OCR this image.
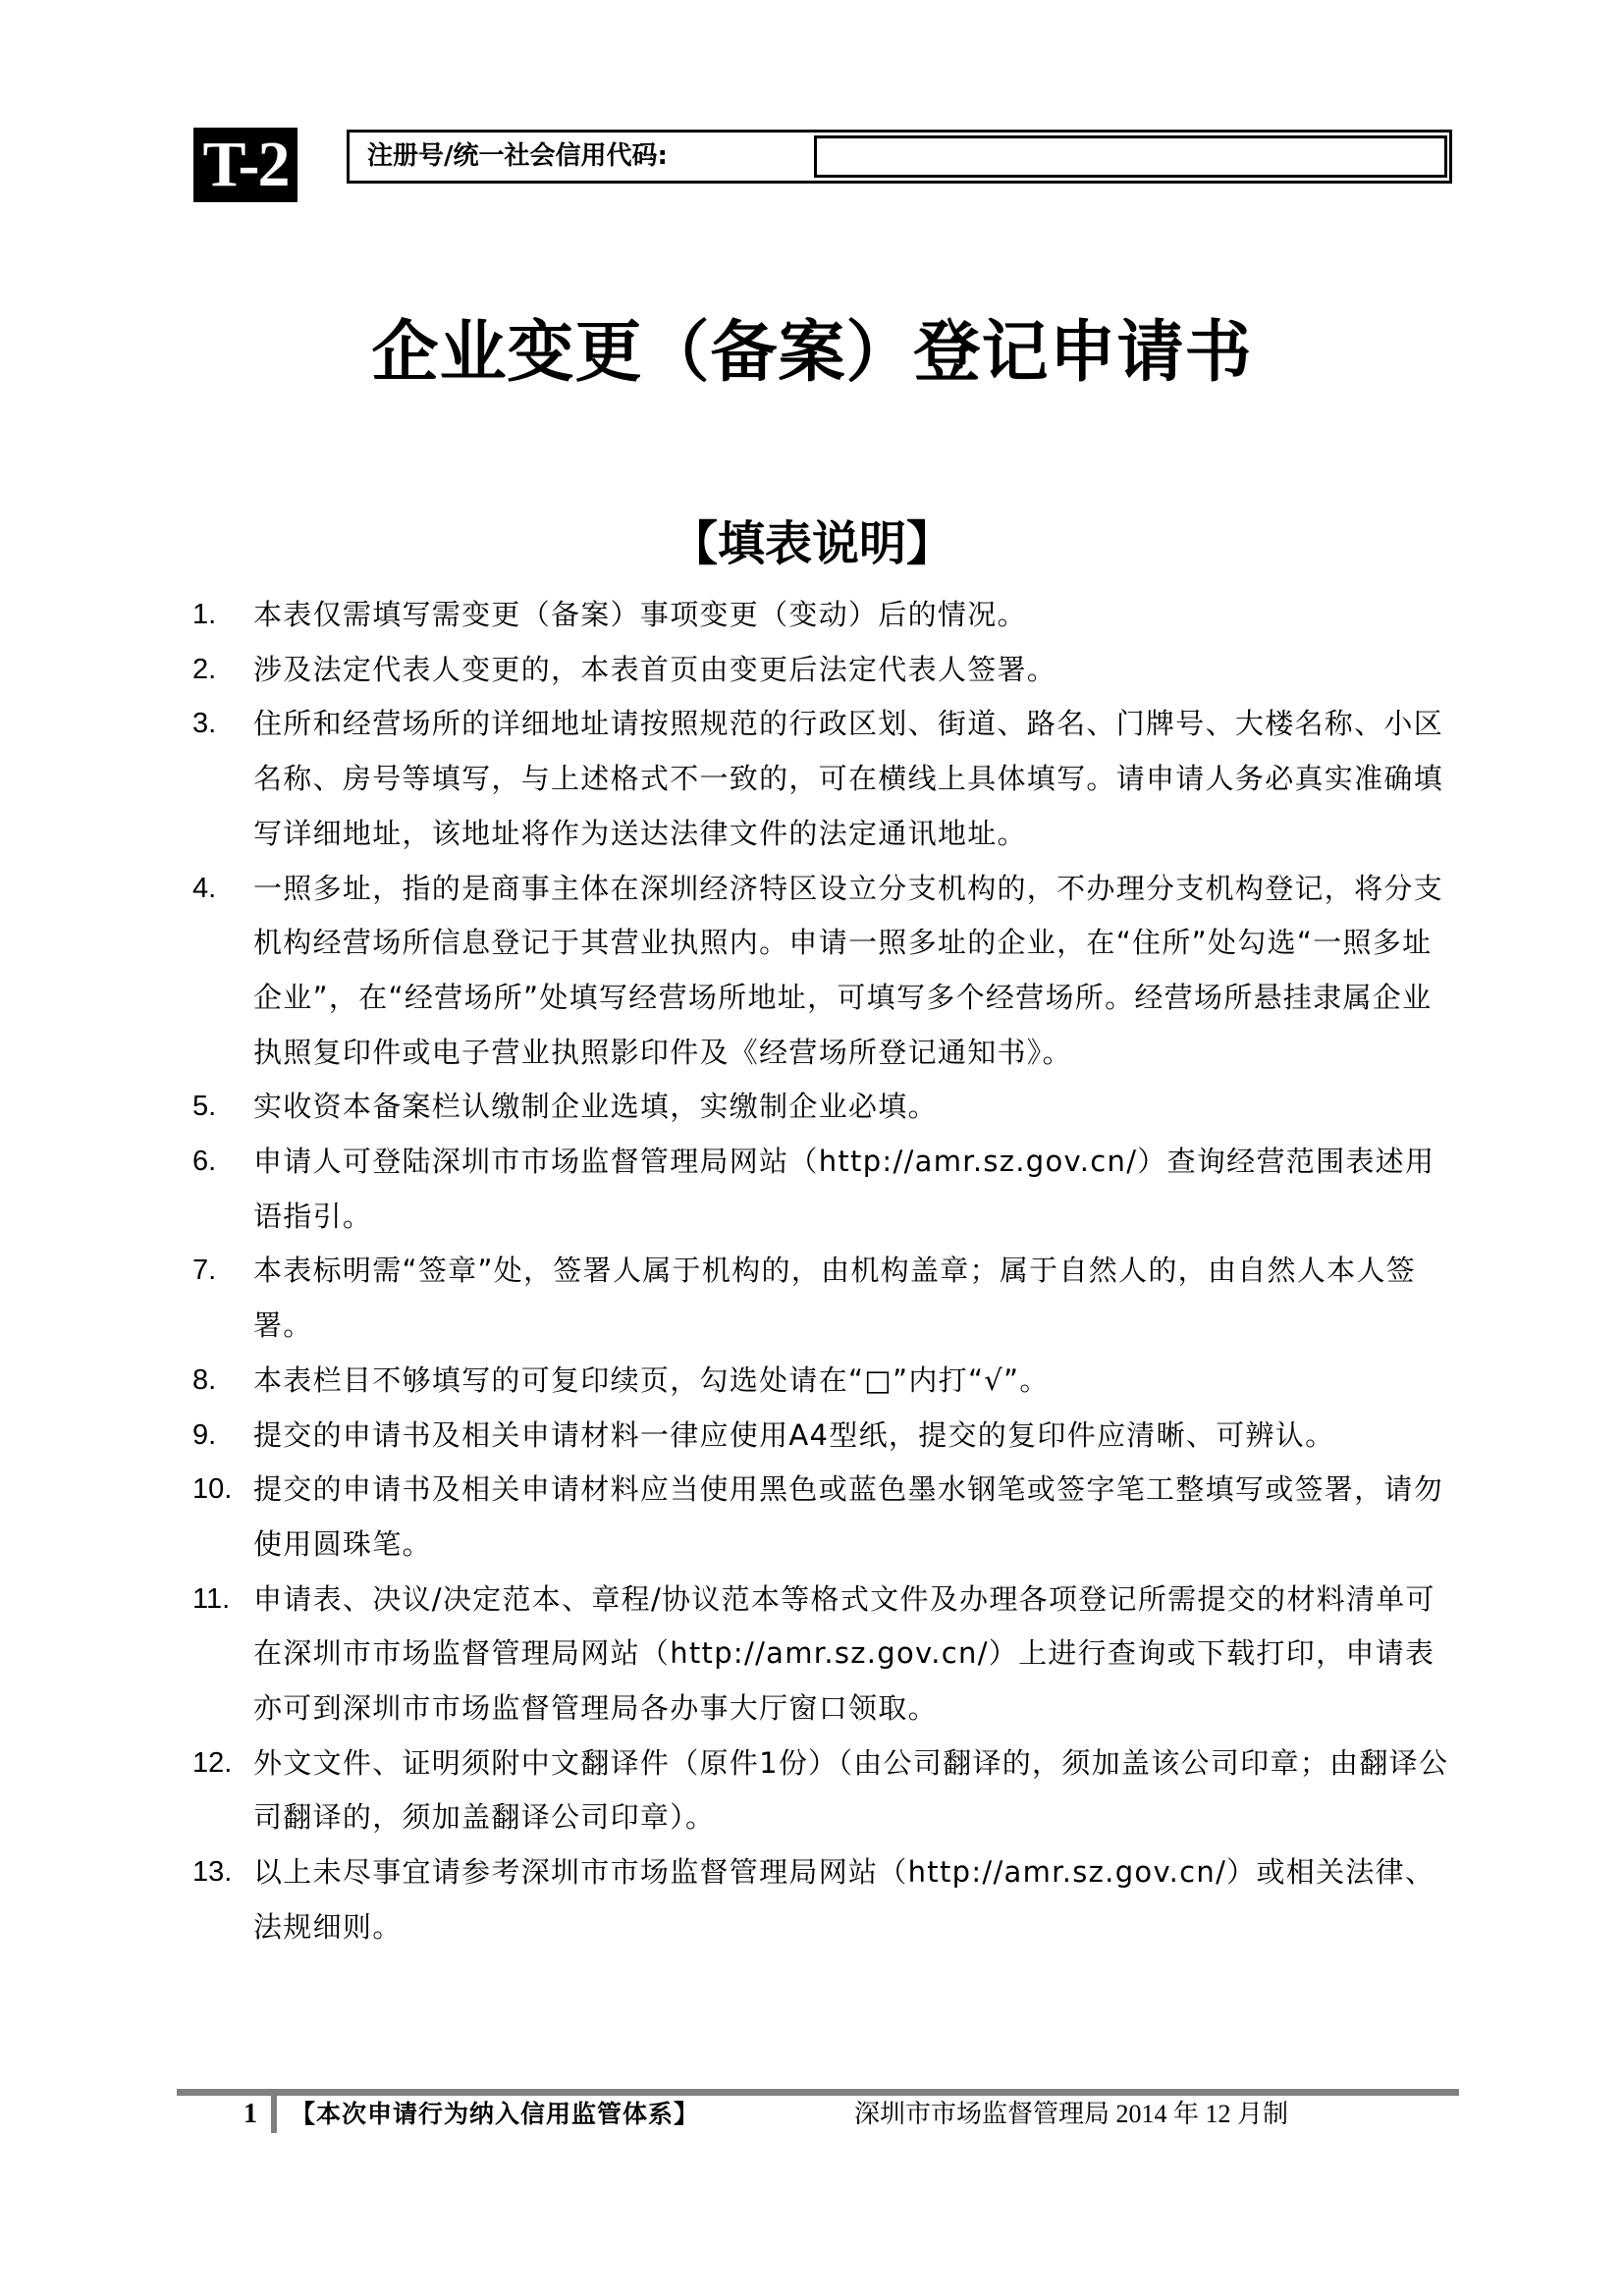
T-2	注册号/统一社会信用代码:
企业变更（备案）登记申请书
【填表说明】
1. 本表仅需填写需变更（备案）事项变更（变动）后的情况。
2. 涉及法定代表人变更的，本表首页由变更后法定代表人签署。
3. 住所和经营场所的详细地址请按照规范的行政区划、街道、路名、门牌号、大楼名称、小区名称、房号等填写，与上述格式不一致的，可在横线上具体填写。请申请人务必真实准确填写详细地址，该地址将作为送达法律文件的法定通讯地址。
4. 一照多址，指的是商事主体在深圳经济特区设立分支机构的，不办理分支机构登记，将分支机构经营场所信息登记于其营业执照内。申请一照多址的企业，在“住所”处勾选“一照多址企业”，在“经营场所”处填写经营场所地址，可填写多个经营场所。经营场所悬挂隶属企业执照复印件或电子营业执照影印件及《经营场所登记通知书》。
5. 实收资本备案栏认缴制企业选填，实缴制企业必填。
6. 申请人可登陆深圳市市场监督管理局网站（http://amr.sz.gov.cn/）查询经营范围表述用语指引。
7. 本表标明需“签章”处，签署人属于机构的，由机构盖章；属于自然人的，由自然人本人签署。
8. 本表栏目不够填写的可复印续页，勾选处请在“□”内打“√”。
9. 提交的申请书及相关申请材料一律应使用A4型纸，提交的复印件应清晰、可辨认。
10. 提交的申请书及相关申请材料应当使用黑色或蓝色墨水钢笔或签字笔工整填写或签署，请勿使用圆珠笔。
11. 申请表、决议/决定范本、章程/协议范本等格式文件及办理各项登记所需提交的材料清单可在深圳市市场监督管理局网站（http://amr.sz.gov.cn/）上进行查询或下载打印，申请表亦可到深圳市市场监督管理局各办事大厅窗口领取。
12. 外文文件、证明须附中文翻译件（原件1份）（由公司翻译的，须加盖该公司印章；由翻译公司翻译的，须加盖翻译公司印章）。
13. 以上未尽事宜请参考深圳市市场监督管理局网站（http://amr.sz.gov.cn/）或相关法律、法规细则。
1 【本次申请行为纳入信用监管体系】	深圳市市场监督管理局 2014 年 12 月制
